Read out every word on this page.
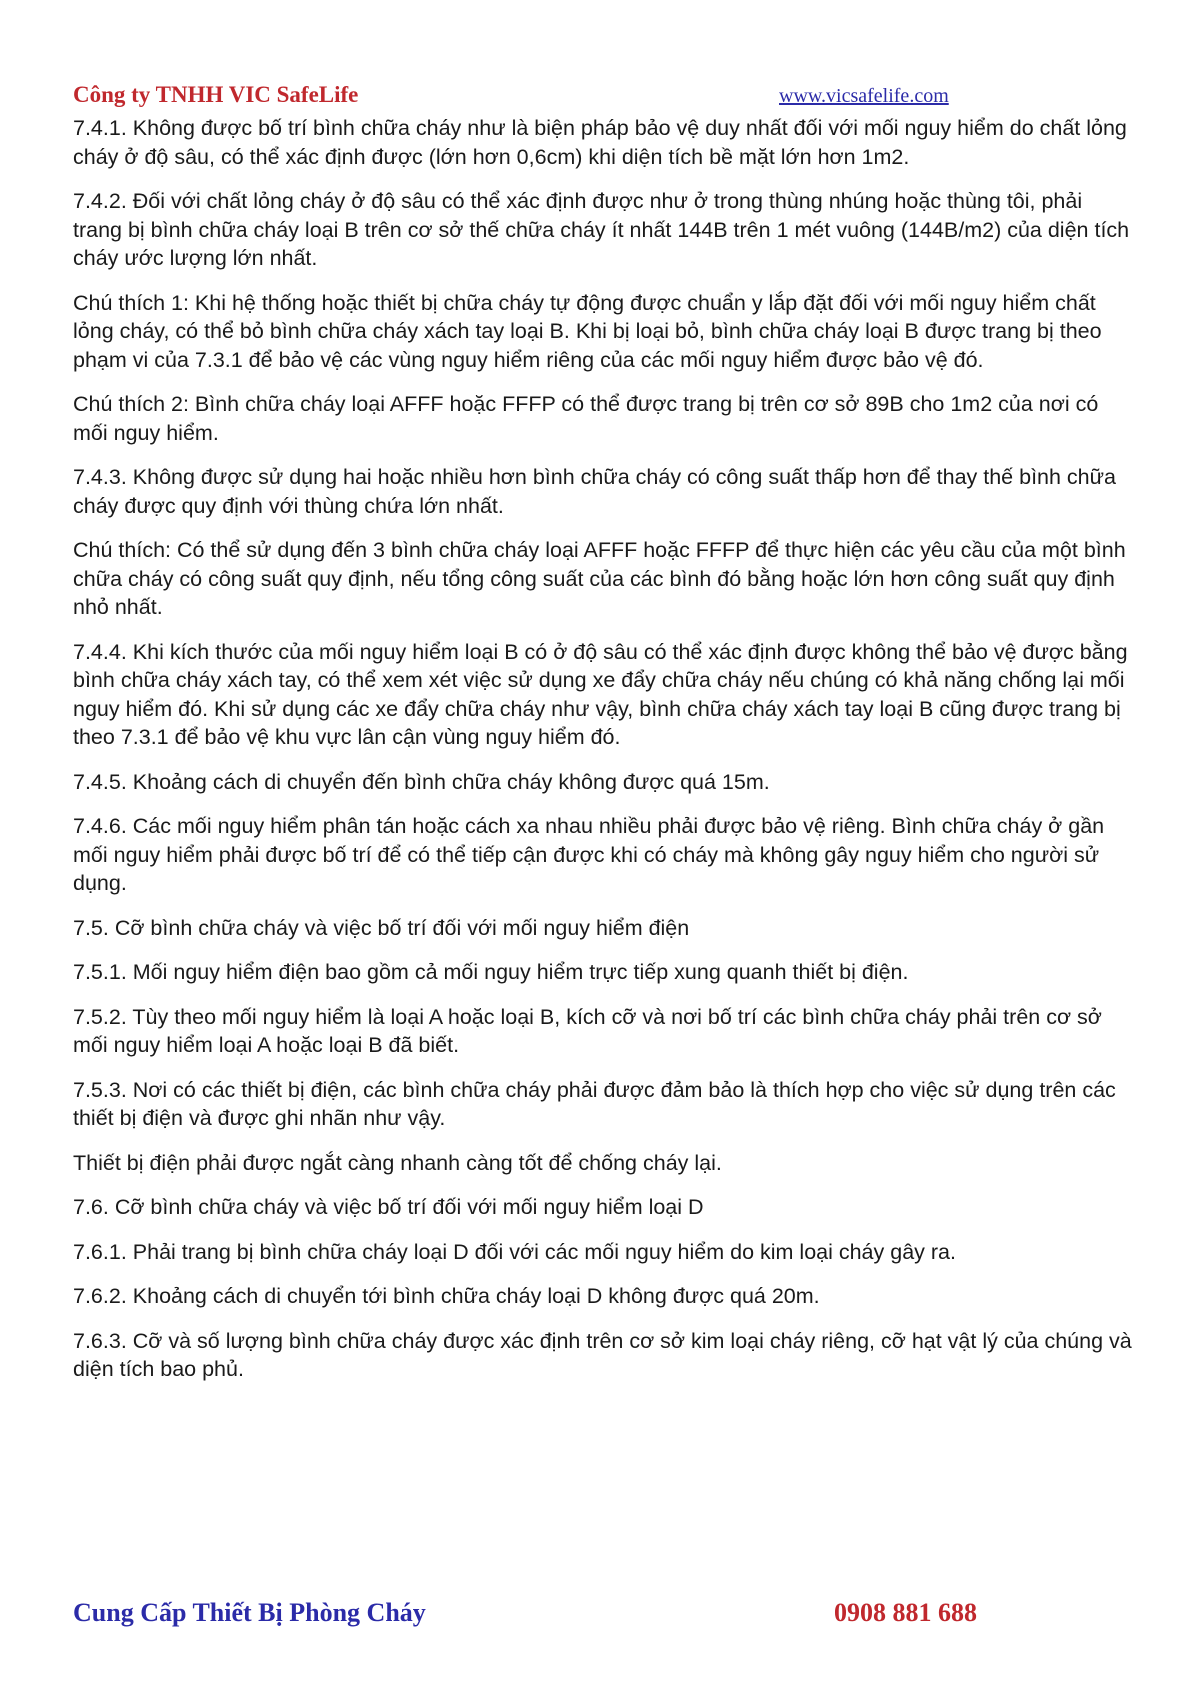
Công ty TNHH VIC SafeLife	www.vicsafelife.com

7.4.1. Không được bố trí bình chữa cháy như là biện pháp bảo vệ duy nhất đối với mối nguy hiểm do chất lỏng cháy ở độ sâu, có thể xác định được (lớn hơn 0,6cm) khi diện tích bề mặt lớn hơn 1m2.

7.4.2. Đối với chất lỏng cháy ở độ sâu có thể xác định được như ở trong thùng nhúng hoặc thùng tôi, phải trang bị bình chữa cháy loại B trên cơ sở thế chữa cháy ít nhất 144B trên 1 mét vuông (144B/m2) của diện tích cháy ước lượng lớn nhất.

Chú thích 1: Khi hệ thống hoặc thiết bị chữa cháy tự động được chuẩn y lắp đặt đối với mối nguy hiểm chất lỏng cháy, có thể bỏ bình chữa cháy xách tay loại B. Khi bị loại bỏ, bình chữa cháy loại B được trang bị theo phạm vi của 7.3.1 để bảo vệ các vùng nguy hiểm riêng của các mối nguy hiểm được bảo vệ đó.

Chú thích 2: Bình chữa cháy loại AFFF hoặc FFFP có thể được trang bị trên cơ sở 89B cho 1m2 của nơi có mối nguy hiểm.

7.4.3. Không được sử dụng hai hoặc nhiều hơn bình chữa cháy có công suất thấp hơn để thay thế bình chữa cháy được quy định với thùng chứa lớn nhất.

Chú thích: Có thể sử dụng đến 3 bình chữa cháy loại AFFF hoặc FFFP để thực hiện các yêu cầu của một bình chữa cháy có công suất quy định, nếu tổng công suất của các bình đó bằng hoặc lớn hơn công suất quy định nhỏ nhất.

7.4.4. Khi kích thước của mối nguy hiểm loại B có ở độ sâu có thể xác định được không thể bảo vệ được bằng bình chữa cháy xách tay, có thể xem xét việc sử dụng xe đẩy chữa cháy nếu chúng có khả năng chống lại mối nguy hiểm đó. Khi sử dụng các xe đẩy chữa cháy như vậy, bình chữa cháy xách tay loại B cũng được trang bị theo 7.3.1 để bảo vệ khu vực lân cận vùng nguy hiểm đó.

7.4.5. Khoảng cách di chuyển đến bình chữa cháy không được quá 15m.

7.4.6. Các mối nguy hiểm phân tán hoặc cách xa nhau nhiều phải được bảo vệ riêng. Bình chữa cháy ở gần mối nguy hiểm phải được bố trí để có thể tiếp cận được khi có cháy mà không gây nguy hiểm cho người sử dụng.

7.5. Cỡ bình chữa cháy và việc bố trí đối với mối nguy hiểm điện

7.5.1. Mối nguy hiểm điện bao gồm cả mối nguy hiểm trực tiếp xung quanh thiết bị điện.

7.5.2. Tùy theo mối nguy hiểm là loại A hoặc loại B, kích cỡ và nơi bố trí các bình chữa cháy phải trên cơ sở mối nguy hiểm loại A hoặc loại B đã biết.

7.5.3. Nơi có các thiết bị điện, các bình chữa cháy phải được đảm bảo là thích hợp cho việc sử dụng trên các thiết bị điện và được ghi nhãn như vậy.

Thiết bị điện phải được ngắt càng nhanh càng tốt để chống cháy lại.

7.6. Cỡ bình chữa cháy và việc bố trí đối với mối nguy hiểm loại D

7.6.1. Phải trang bị bình chữa cháy loại D đối với các mối nguy hiểm do kim loại cháy gây ra.

7.6.2. Khoảng cách di chuyển tới bình chữa cháy loại D không được quá 20m.

7.6.3. Cỡ và số lượng bình chữa cháy được xác định trên cơ sở kim loại cháy riêng, cỡ hạt vật lý của chúng và diện tích bao phủ.

Cung Cấp Thiết Bị Phòng Cháy	0908 881 688
